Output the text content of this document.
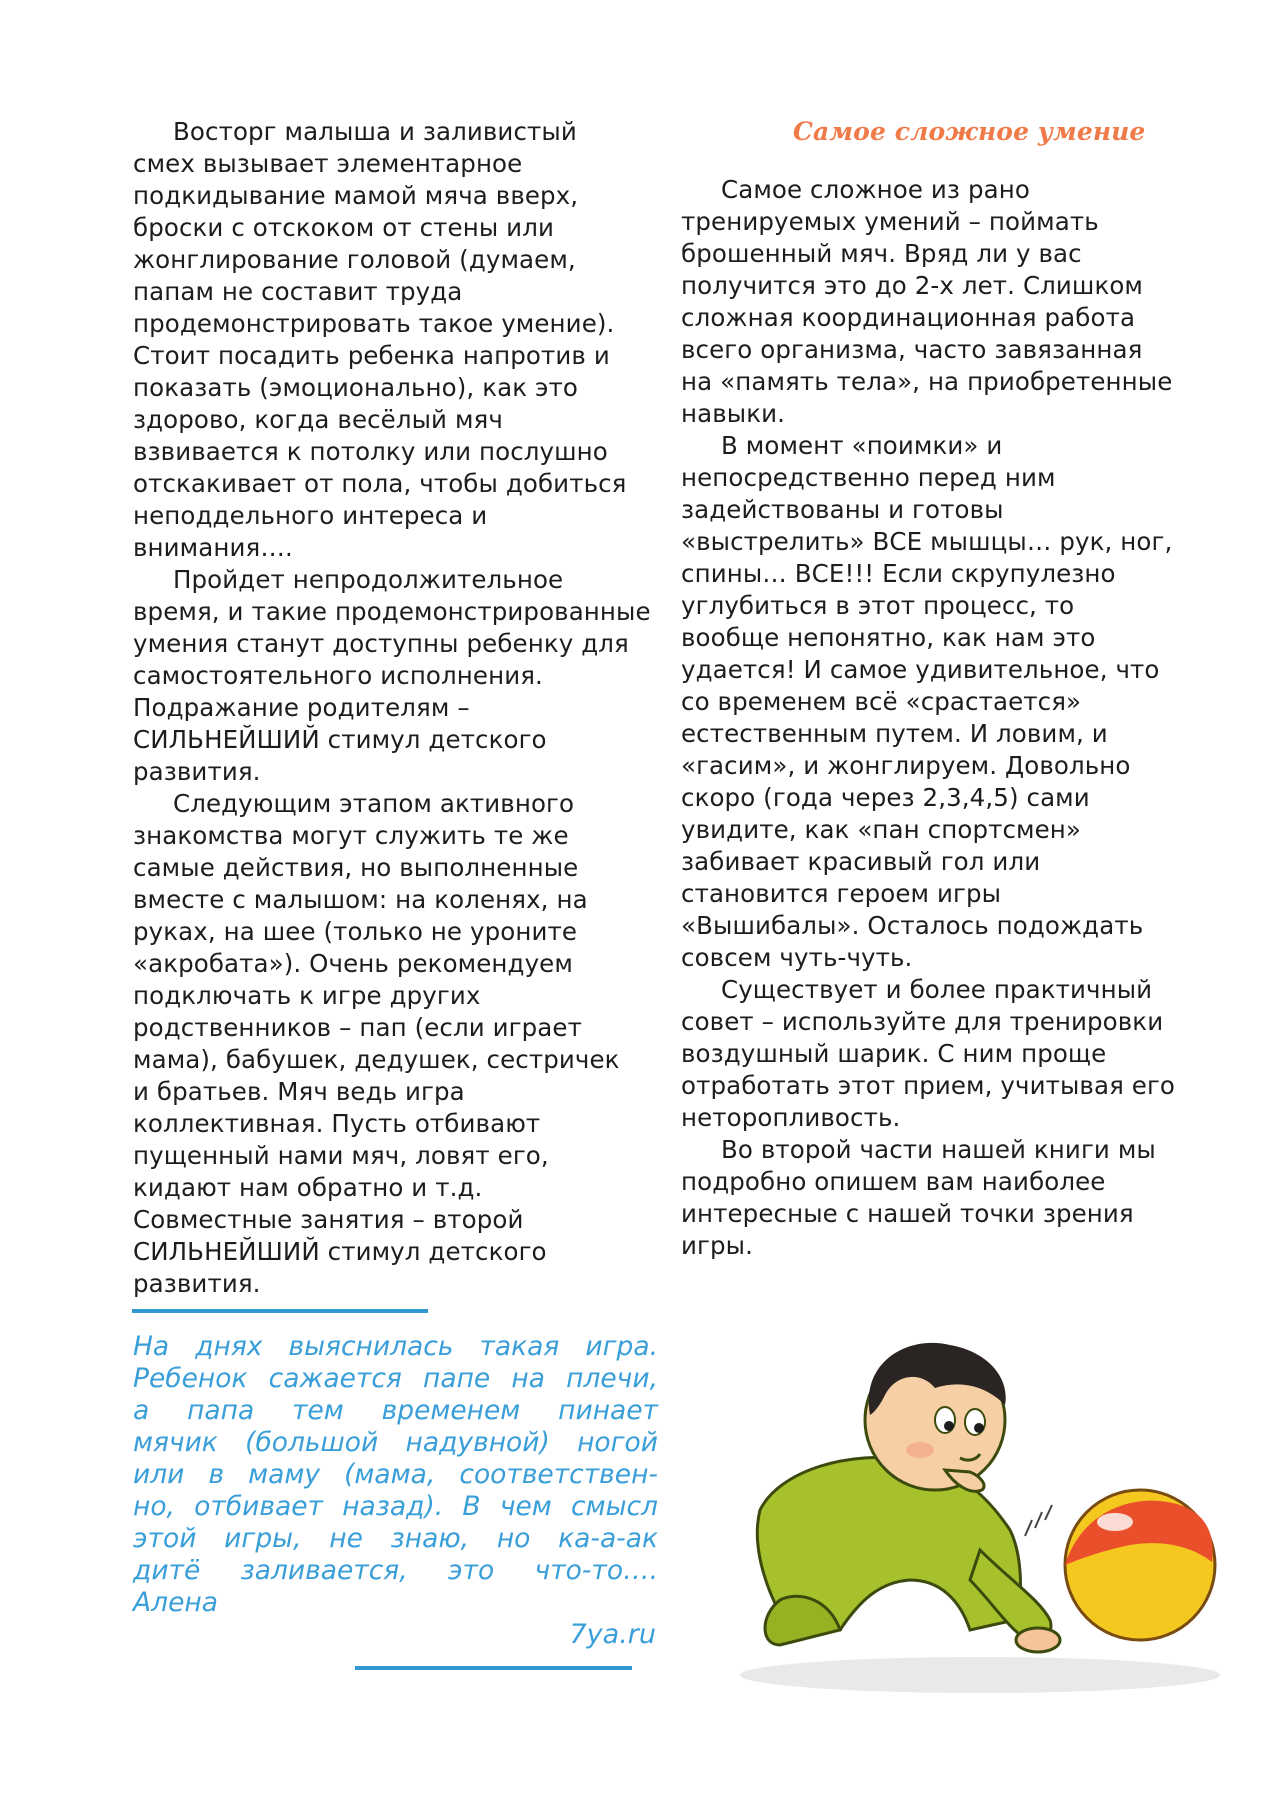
Восторг малыша и заливистый
смех вызывает элементарное
подкидывание мамой мяча вверх,
броски с отскоком от стены или
жонглирование головой (думаем,
папам не составит труда
продемонстрировать такое умение).
Стоит посадить ребенка напротив и
показать (эмоционально), как это
здорово, когда весёлый мяч
взвивается к потолку или послушно
отскакивает от пола, чтобы добиться
неподдельного интереса и
внимания….
Пройдет непродолжительное
время, и такие продемонстрированные
умения станут доступны ребенку для
самостоятельного исполнения.
Подражание родителям –
СИЛЬНЕЙШИЙ стимул детского
развития.
Следующим этапом активного
знакомства могут служить те же
самые действия, но выполненные
вместе с малышом: на коленях, на
руках, на шее (только не уроните
«акробата»). Очень рекомендуем
подключать к игре других
родственников – пап (если играет
мама), бабушек, дедушек, сестричек
и братьев. Мяч ведь игра
коллективная. Пусть отбивают
пущенный нами мяч, ловят его,
кидают нам обратно и т.д.
Совместные занятия – второй
СИЛЬНЕЙШИЙ стимул детского
развития.
Самое сложное умение
Самое сложное из рано
тренируемых умений – поймать
брошенный мяч. Вряд ли у вас
получится это до 2-х лет. Слишком
сложная координационная работа
всего организма, часто завязанная
на «память тела», на приобретенные
навыки.
В момент «поимки» и
непосредственно перед ним
задействованы и готовы
«выстрелить» ВСЕ мышцы… рук, ног,
спины… ВСЕ!!! Если скрупулезно
углубиться в этот процесс, то
вообще непонятно, как нам это
удается! И самое удивительное, что
со временем всё «срастается»
естественным путем. И ловим, и
«гасим», и жонглируем. Довольно
скоро (года через 2,3,4,5) сами
увидите, как «пан спортсмен»
забивает красивый гол или
становится героем игры
«Вышибалы». Осталось подождать
совсем чуть-чуть.
Существует и более практичный
совет – используйте для тренировки
воздушный шарик. С ним проще
отработать этот прием, учитывая его
неторопливость.
Во второй части нашей книги мы
подробно опишем вам наиболее
интересные с нашей точки зрения
игры.
На днях выяснилась такая игра.
Ребенок сажается папе на плечи,
а папа тем временем пинает
мячик (большой надувной) ногой
или в маму (мама, соответствен-
но, отбивает назад). В чем смысл
этой игры, не знаю, но ка-а-ак
дитё заливается, это что-то….
Алена
7ya.ru
